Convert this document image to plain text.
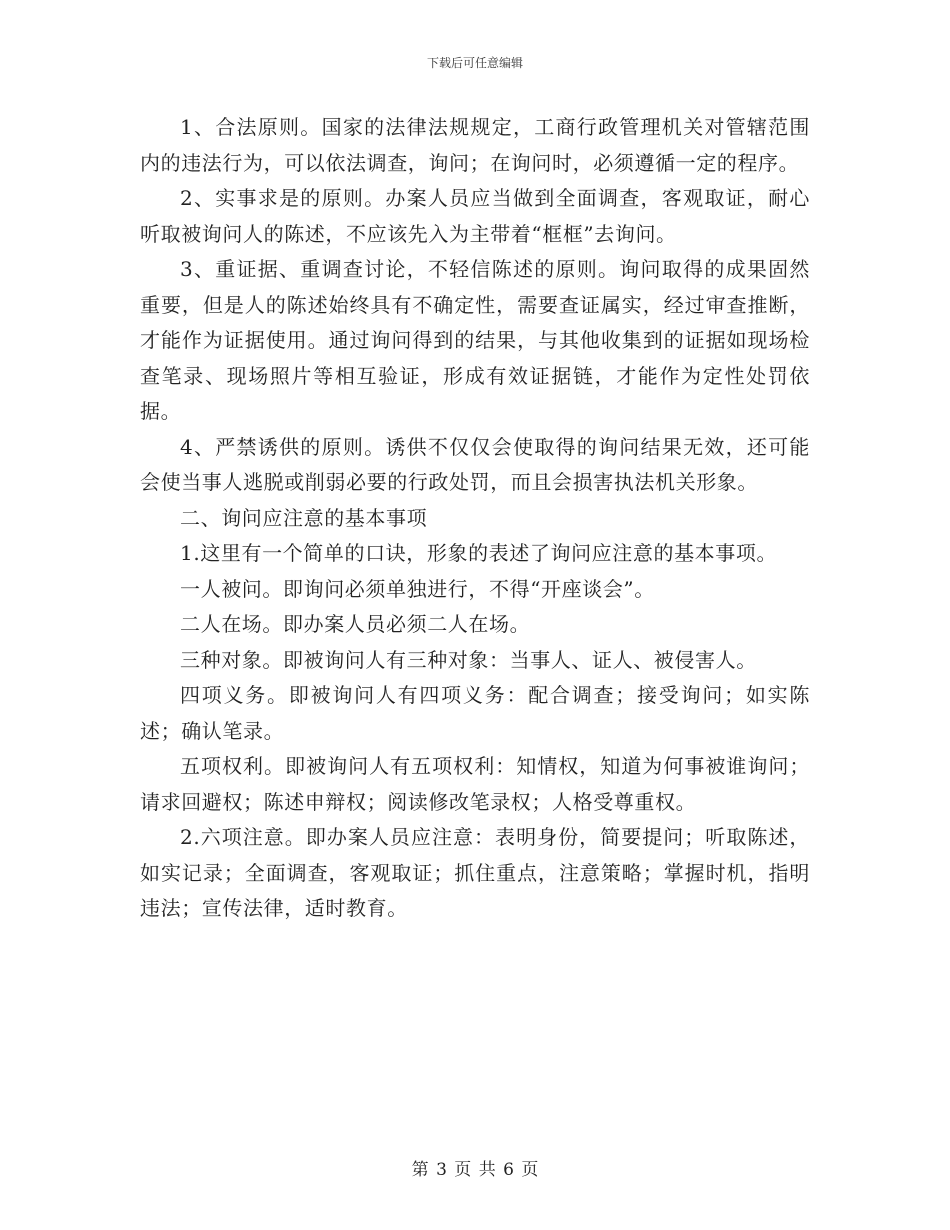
下载后可任意编辑

1、合法原则。国家的法律法规规定，工商行政管理机关对管辖范围内的违法行为，可以依法调查，询问；在询问时，必须遵循一定的程序。

2、实事求是的原则。办案人员应当做到全面调查，客观取证，耐心听取被询问人的陈述，不应该先入为主带着“框框”去询问。

3、重证据、重调查讨论，不轻信陈述的原则。询问取得的成果固然重要，但是人的陈述始终具有不确定性，需要查证属实，经过审查推断，才能作为证据使用。通过询问得到的结果，与其他收集到的证据如现场检查笔录、现场照片等相互验证，形成有效证据链，才能作为定性处罚依据。

4、严禁诱供的原则。诱供不仅仅会使取得的询问结果无效，还可能会使当事人逃脱或削弱必要的行政处罚，而且会损害执法机关形象。

二、询问应注意的基本事项

1.这里有一个简单的口诀，形象的表述了询问应注意的基本事项。

一人被问。即询问必须单独进行，不得“开座谈会”。

二人在场。即办案人员必须二人在场。

三种对象。即被询问人有三种对象：当事人、证人、被侵害人。

四项义务。即被询问人有四项义务：配合调查；接受询问；如实陈述；确认笔录。

五项权利。即被询问人有五项权利：知情权，知道为何事被谁询问；请求回避权；陈述申辩权；阅读修改笔录权；人格受尊重权。

2.六项注意。即办案人员应注意：表明身份，简要提问；听取陈述，如实记录；全面调查，客观取证；抓住重点，注意策略；掌握时机，指明违法；宣传法律，适时教育。

第 3 页 共 6 页
